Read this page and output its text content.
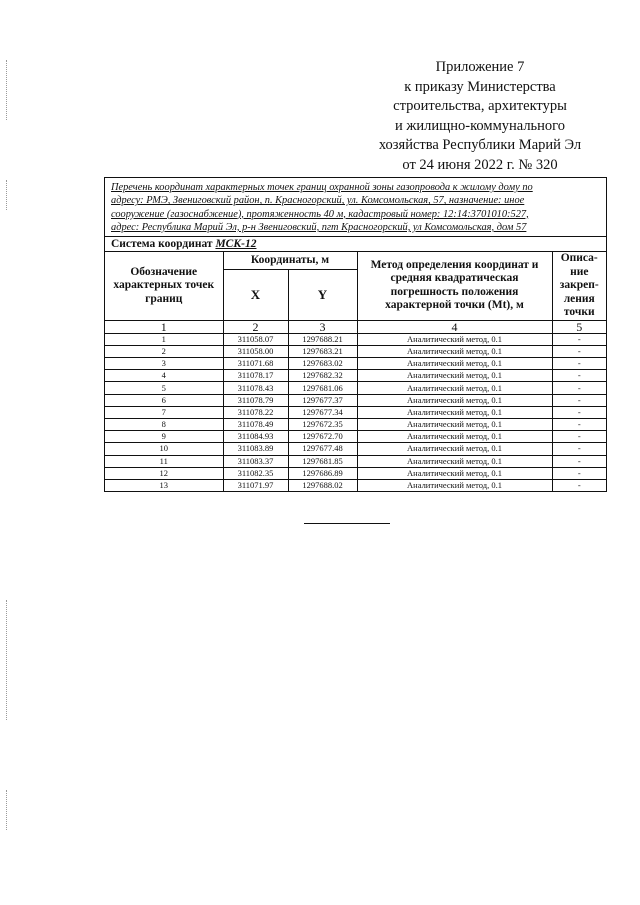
Приложение 7
к приказу Министерства
строительства, архитектуры
и жилищно-коммунального
хозяйства Республики Марий Эл
от 24 июня 2022 г. № 320
Перечень координат характерных точек границ охранной зоны газопровода к жилому дому по
адресу: РМЭ, Звениговский район, п. Красногорский, ул. Комсомольская, 57, назначение: иное
сооружение (газоснабжение), протяженность 40 м, кадастровый номер: 12:14:3701010:527,
адрес: Республика Марий Эл, р-н Звениговский, пгт Красногорский, ул Комсомольская, дом 57
Система координат МСК-12
Обозначение характерных точек границ	Координаты, м		Метод определения координат и средняя квадратическая погрешность положения характерной точки (Mt), м	Описа-ние закреп-ления точки
	X	Y		
1	2	3	4	5
1	311058.07	1297688.21	Аналитический метод, 0.1	-
2	311058.00	1297683.21	Аналитический метод, 0.1	-
3	311071.68	1297683.02	Аналитический метод, 0.1	-
4	311078.17	1297682.32	Аналитический метод, 0.1	-
5	311078.43	1297681.06	Аналитический метод, 0.1	-
6	311078.79	1297677.37	Аналитический метод, 0.1	-
7	311078.22	1297677.34	Аналитический метод, 0.1	-
8	311078.49	1297672.35	Аналитический метод, 0.1	-
9	311084.93	1297672.70	Аналитический метод, 0.1	-
10	311083.89	1297677.48	Аналитический метод, 0.1	-
11	311083.37	1297681.85	Аналитический метод, 0.1	-
12	311082.35	1297686.89	Аналитический метод, 0.1	-
13	311071.97	1297688.02	Аналитический метод, 0.1	-
